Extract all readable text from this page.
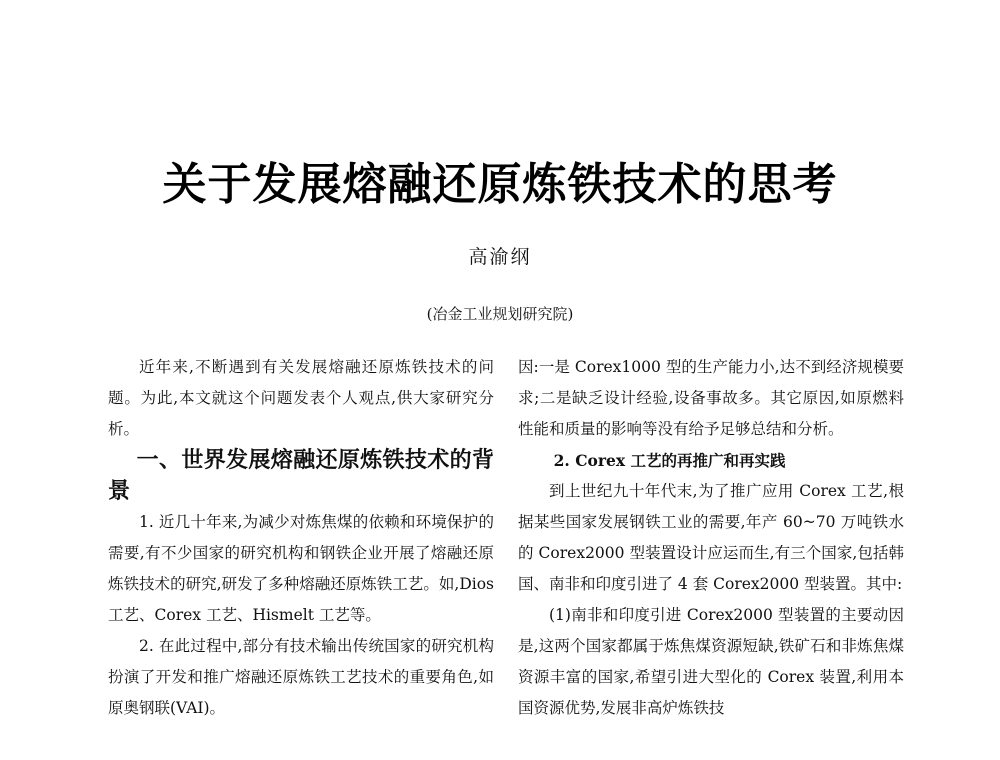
关于发展熔融还原炼铁技术的思考
高渝纲
(冶金工业规划研究院)

近年来,不断遇到有关发展熔融还原炼铁技术的问题。为此,本文就这个问题发表个人观点,供大家研究分析。

一、世界发展熔融还原炼铁技术的背景

1. 近几十年来,为减少对炼焦煤的依赖和环境保护的需要,有不少国家的研究机构和钢铁企业开展了熔融还原炼铁技术的研究,研发了多种熔融还原炼铁工艺。如,Dios 工艺、Corex 工艺、Hismelt 工艺等。

2. 在此过程中,部分有技术输出传统国家的研究机构扮演了开发和推广熔融还原炼铁工艺技术的重要角色,如原奥钢联(VAI)。

因:一是 Corex1000 型的生产能力小,达不到经济规模要求;二是缺乏设计经验,设备事故多。其它原因,如原燃料性能和质量的影响等没有给予足够总结和分析。

2. Corex 工艺的再推广和再实践

到上世纪九十年代末,为了推广应用 Corex 工艺,根据某些国家发展钢铁工业的需要,年产 60~70 万吨铁水的 Corex2000 型装置设计应运而生,有三个国家,包括韩国、南非和印度引进了 4 套 Corex2000 型装置。其中:

(1)南非和印度引进 Corex2000 型装置的主要动因是,这两个国家都属于炼焦煤资源短缺,铁矿石和非炼焦煤资源丰富的国家,希望引进大型化的 Corex 装置,利用本国资源优势,发展非高炉炼铁技
